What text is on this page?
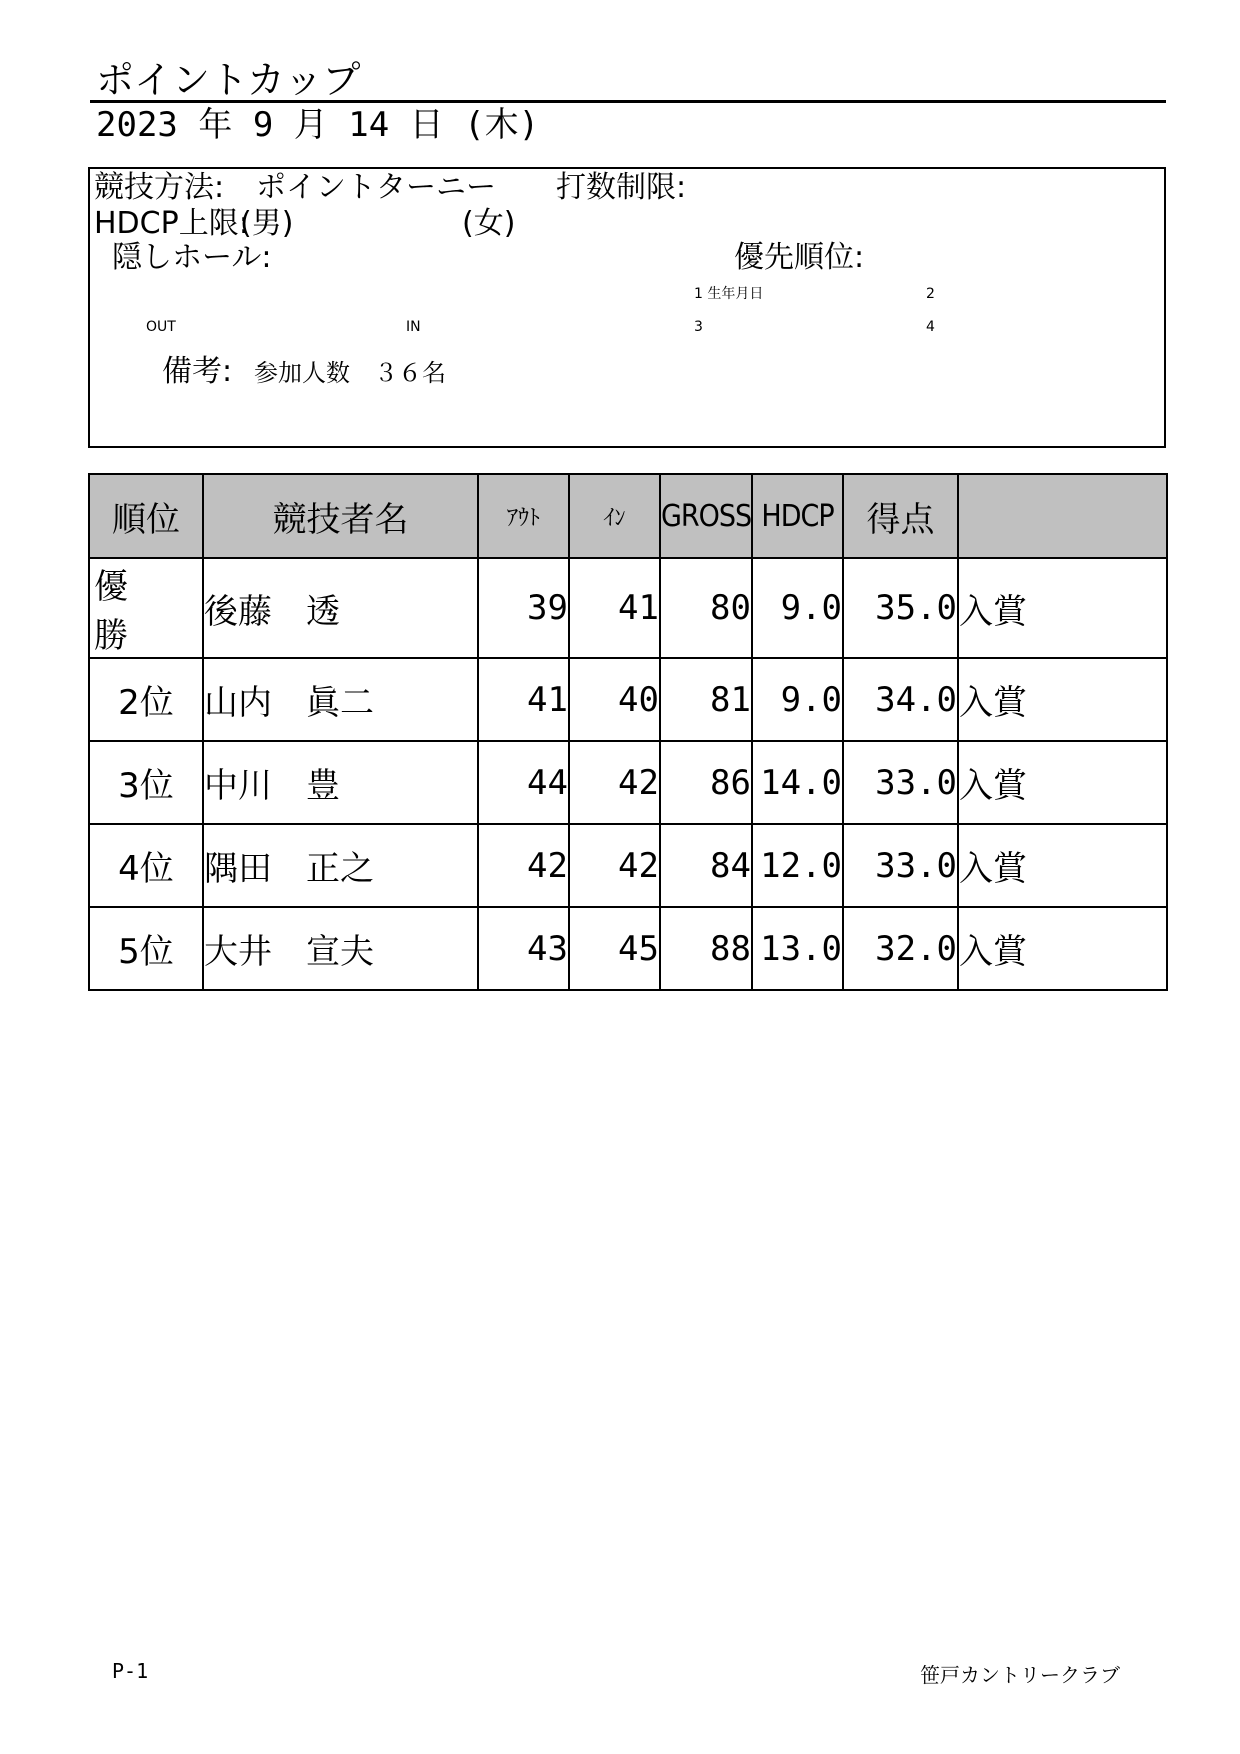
ポイントカップ
2023 年 9 月 14 日 (木)
競技方法: ポイントターニー 打数制限:
HDCP上限:
(男)	(女)
隠しホール:	優先順位:
1 生年月日	2
OUT	IN	3	4
備考: 参加人数　３６名
順位	競技者名	ｱｳﾄ	ｲﾝ	GROSS	HDCP	得点	
優 勝	後藤　透	39	41	80	9.0	35.0	入賞
2位	山内　眞二	41	40	81	9.0	34.0	入賞
3位	中川　豊	44	42	86	14.0	33.0	入賞
4位	隅田　正之	42	42	84	12.0	33.0	入賞
5位	大井　宣夫	43	45	88	13.0	32.0	入賞
P-1	笹戸カントリークラブ
